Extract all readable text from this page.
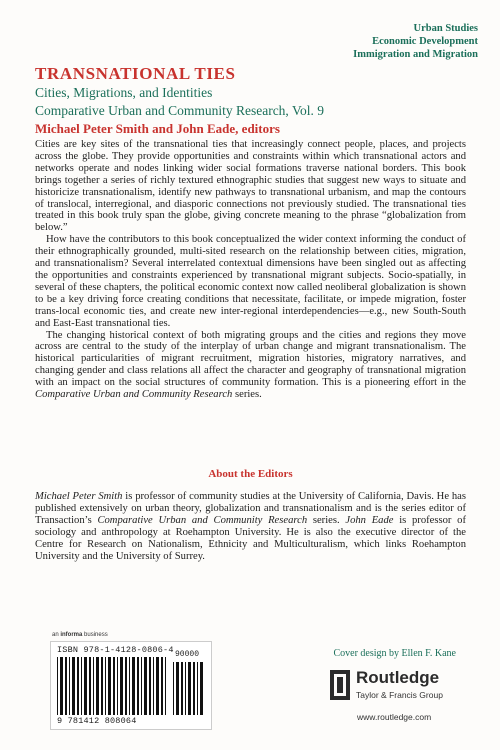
Urban Studies
Economic Development
Immigration and Migration
TRANSNATIONAL TIES
Cities, Migrations, and Identities
Comparative Urban and Community Research, Vol. 9
Michael Peter Smith and John Eade, editors

Cities are key sites of the transnational ties that increasingly connect people, places, and projects across the globe. They provide opportunities and constraints within which transnational actors and networks operate and nodes linking wider social formations traverse national borders. This book brings together a series of richly textured ethnographic studies that suggest new ways to situate and historicize transnationalism, identify new pathways to transnational urbanism, and map the contours of translocal, interregional, and diasporic connections not previously studied. The transnational ties treated in this book truly span the globe, giving concrete meaning to the phrase “globalization from below.”

How have the contributors to this book conceptualized the wider context informing the conduct of their ethnographically grounded, multi-sited research on the relationship between cities, migration, and transnationalism? Several interrelated contextual dimensions have been singled out as affecting the opportunities and constraints experienced by transnational migrant subjects. Socio-spatially, in several of these chapters, the political economic context now called neoliberal globalization is shown to be a key driving force creating conditions that necessitate, facilitate, or impede migration, foster trans-local economic ties, and create new inter-regional interdependencies—e.g., new South-South and East-East transnational ties.

The changing historical context of both migrating groups and the cities and regions they move across are central to the study of the interplay of urban change and migrant transnationalism. The historical particularities of migrant recruitment, migration histories, migratory narratives, and changing gender and class relations all affect the character and geography of transnational migration with an impact on the social structures of community formation. This is a pioneering effort in the Comparative Urban and Community Research series.

About the Editors

Michael Peter Smith is professor of community studies at the University of California, Davis. He has published extensively on urban theory, globalization and transnationalism and is the series editor of Transaction’s Comparative Urban and Community Research series. John Eade is professor of sociology and anthropology at Roehampton University. He is also the executive director of the Centre for Research on Nationalism, Ethnicity and Multiculturalism, which links Roehampton University and the University of Surrey.

an informa business
ISBN 978-1-4128-0806-4 90000
9 781412 808064
Cover design by Ellen F. Kane
Routledge
Taylor & Francis Group
www.routledge.com
